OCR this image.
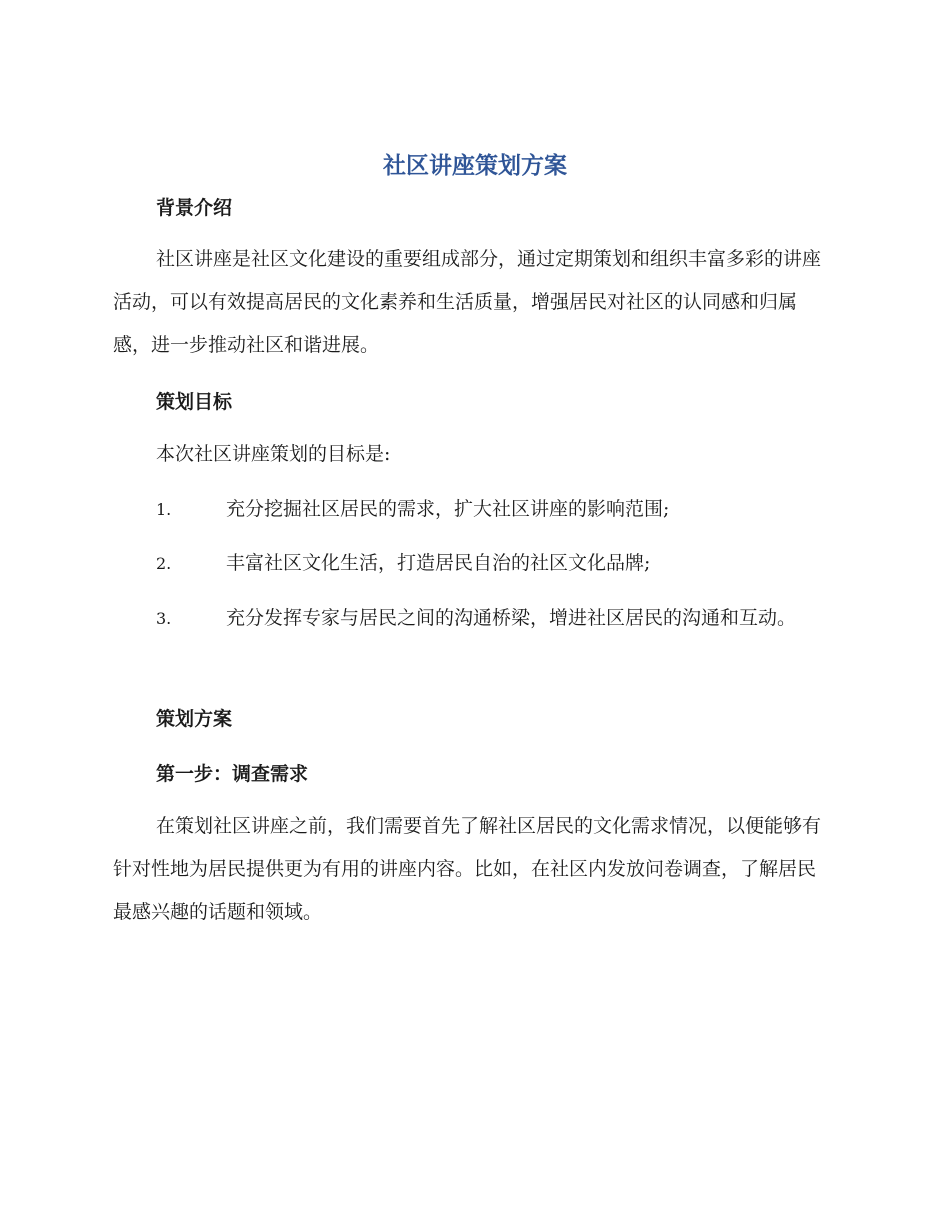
社区讲座策划方案
背景介绍

社区讲座是社区文化建设的重要组成部分，通过定期策划和组织丰富多彩的讲座活动，可以有效提高居民的文化素养和生活质量，增强居民对社区的认同感和归属感，进一步推动社区和谐进展。

策划目标

本次社区讲座策划的目标是:

1.	充分挖掘社区居民的需求，扩大社区讲座的影响范围;

2.	丰富社区文化生活，打造居民自治的社区文化品牌;

3.	充分发挥专家与居民之间的沟通桥梁，增进社区居民的沟通和互动。

策划方案
第一步：调查需求

在策划社区讲座之前，我们需要首先了解社区居民的文化需求情况，以便能够有针对性地为居民提供更为有用的讲座内容。比如，在社区内发放问卷调查，了解居民最感兴趣的话题和领域。
